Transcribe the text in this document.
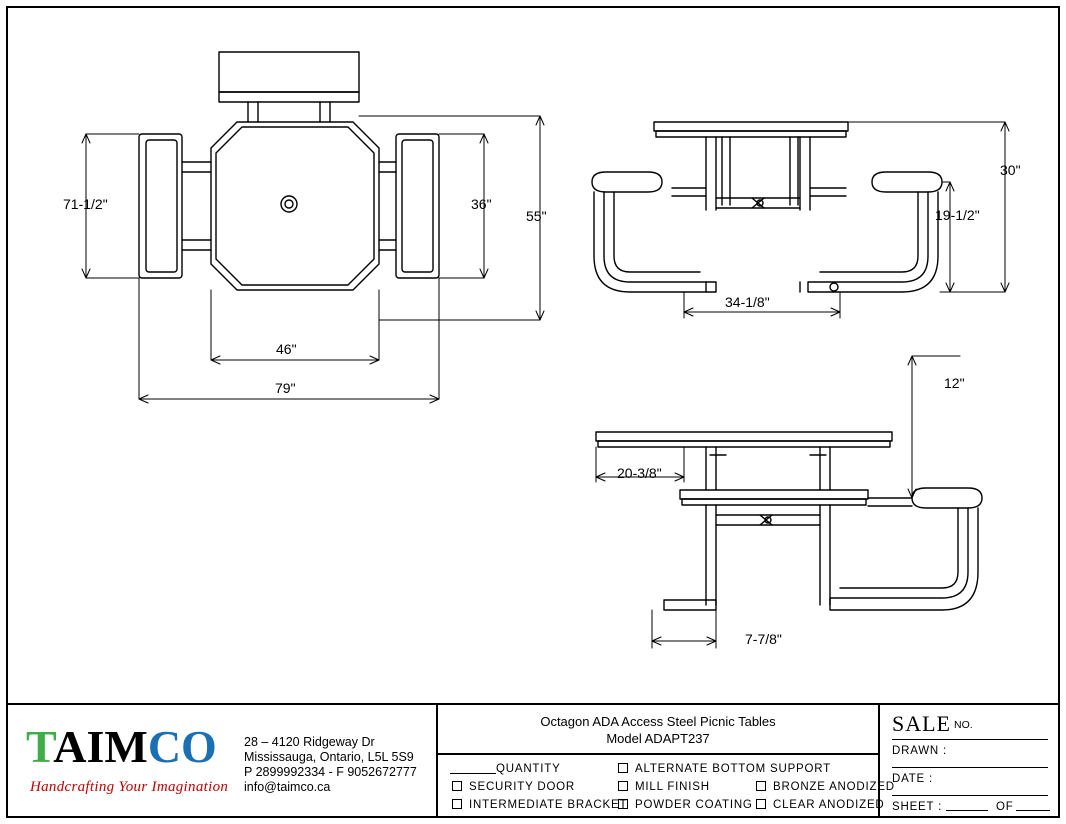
71-1/2"	36"
55"
46"
79"
30"
19-1/2"
34-1/8"
12"
20-3/8"
7-7/8"
TAIMCO
Handcrafting Your Imagination
28 – 4120 Ridgeway Dr
Mississauga, Ontario, L5L 5S9
P 2899992334 - F 9052672777
info@taimco.ca
Octagon ADA Access Steel Picnic Tables
Model ADAPT237
QUANTITY
SECURITY DOOR
INTERMEDIATE BRACKET
ALTERNATE BOTTOM SUPPORT
MILL FINISH
POWDER COATING
BRONZE ANODIZED
CLEAR ANODIZED
SALE NO.
DRAWN :
DATE :
SHEET :	OF
